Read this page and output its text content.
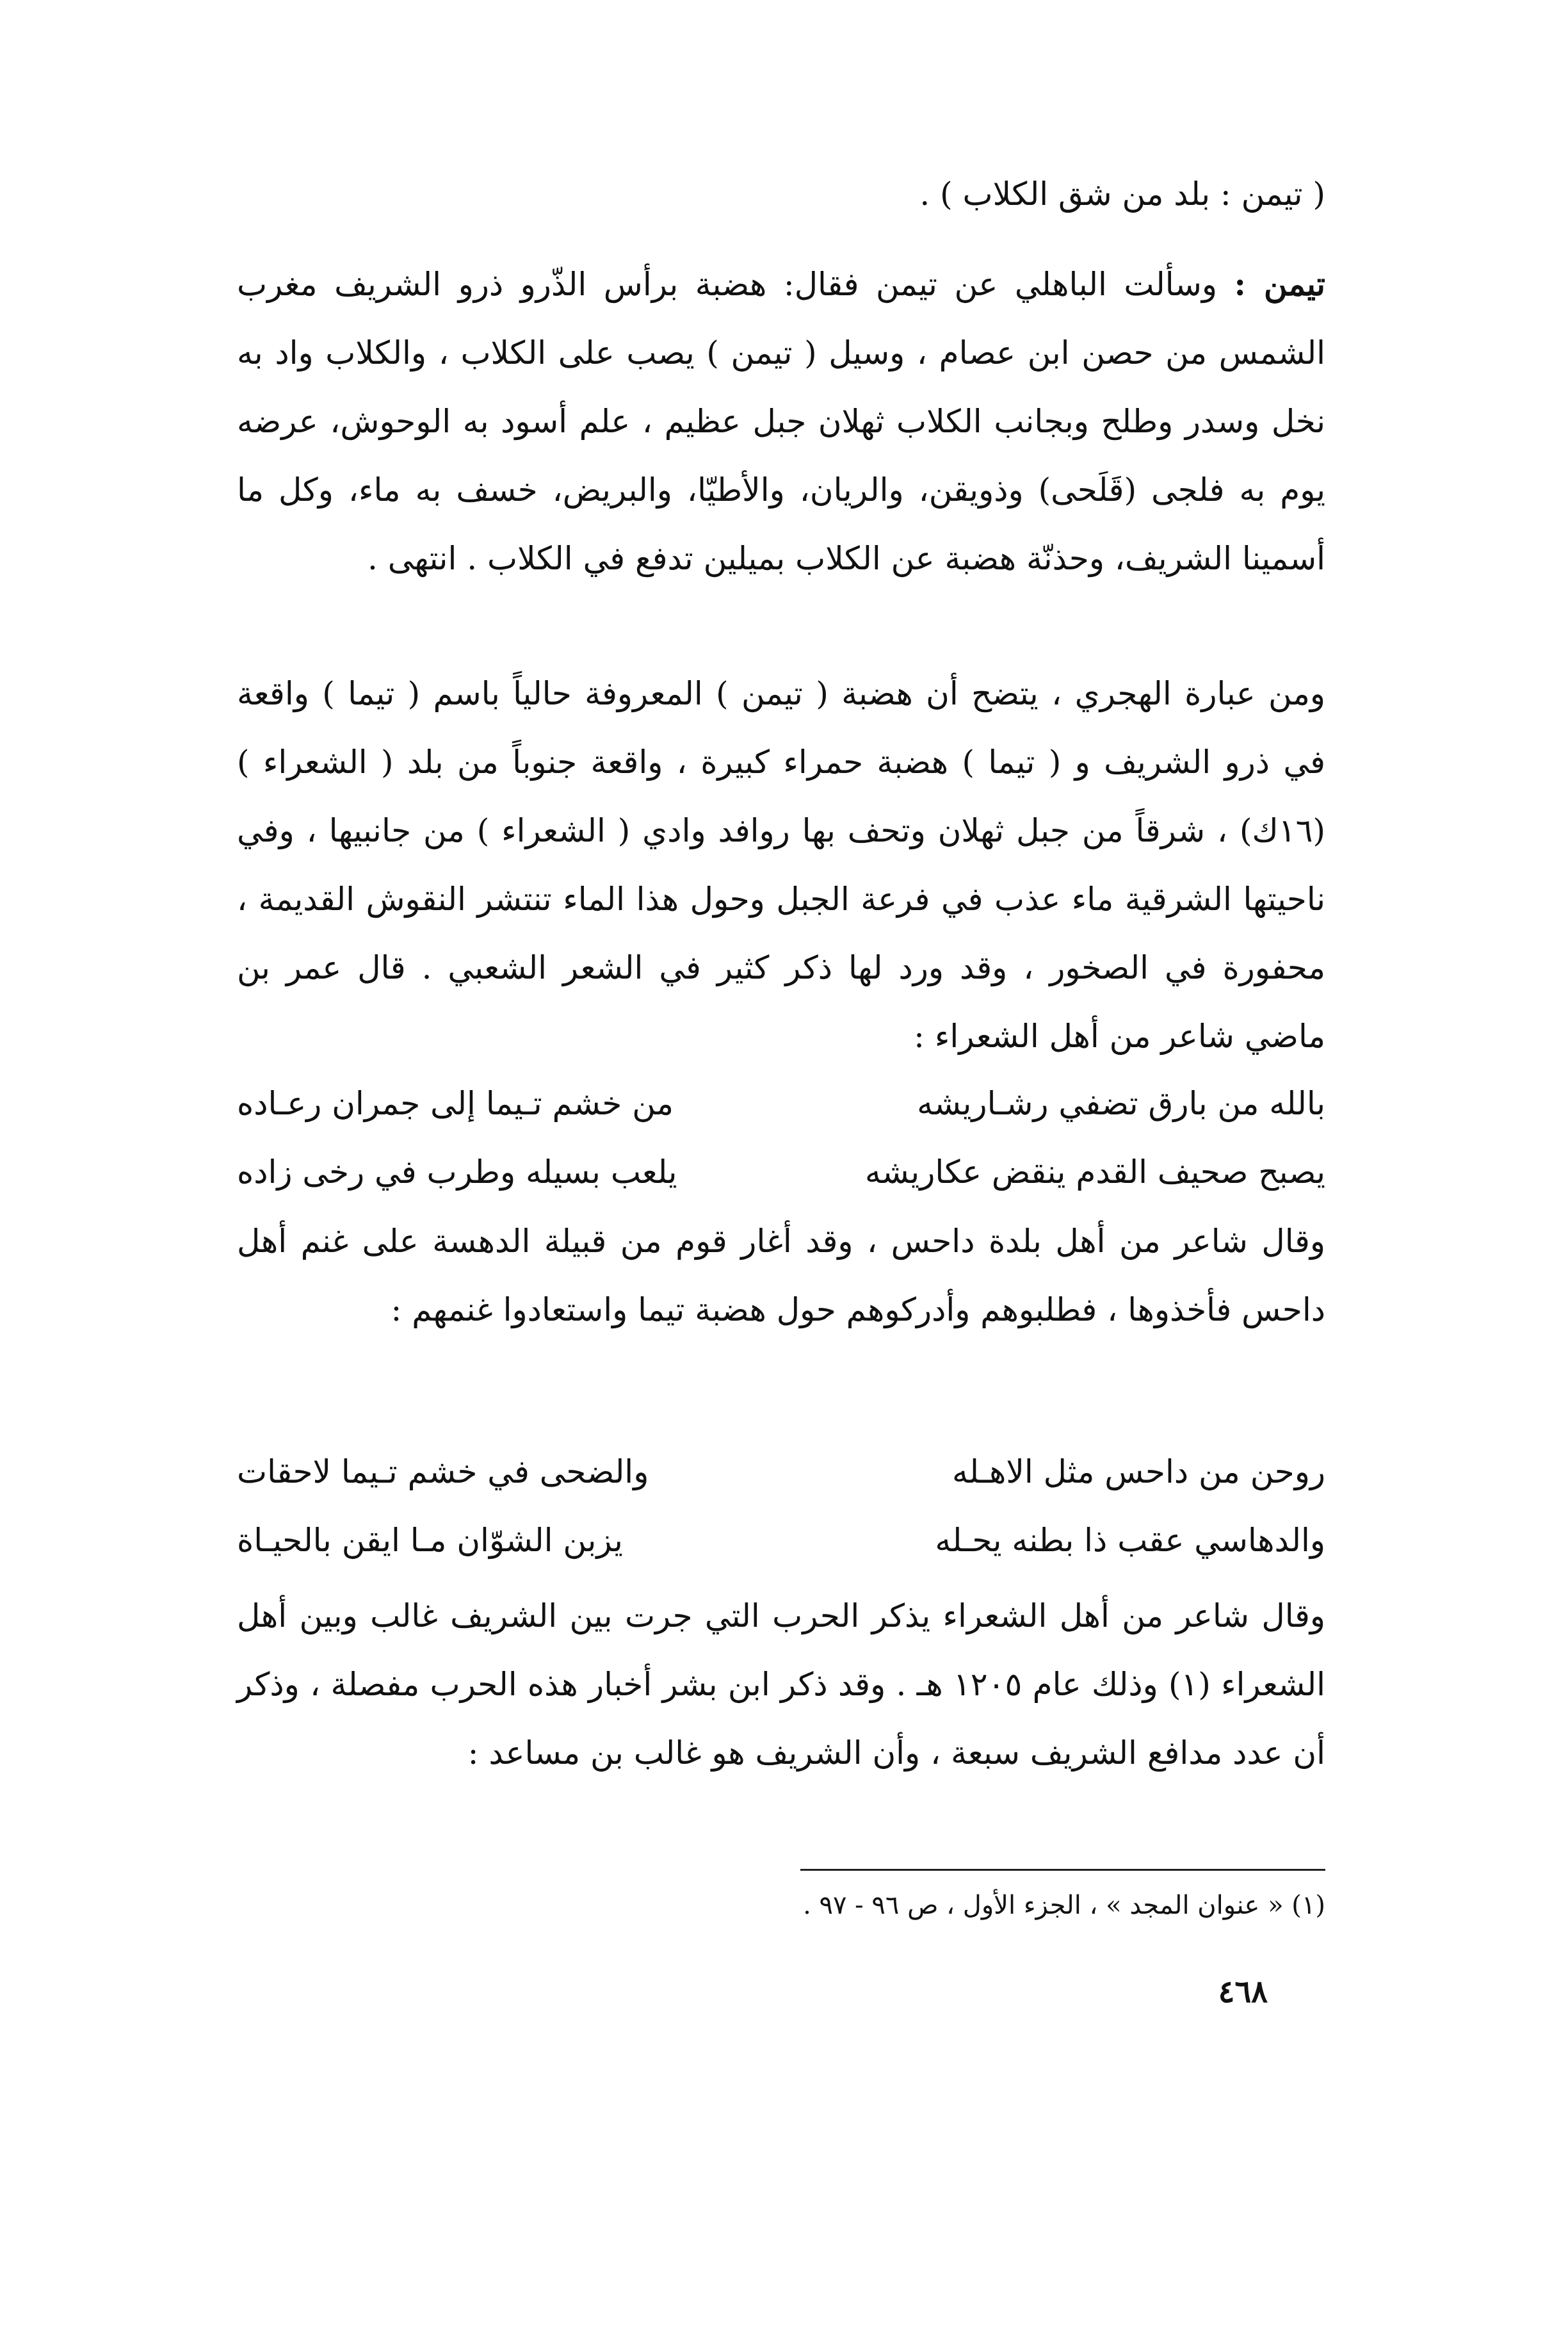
( تيمن : بلد من شق الكلاب ) .
تيمن : وسألت الباهلي عن تيمن فقال: هضبة برأس الذّرو ذرو الشريف مغرب الشمس من حصن ابن عصام ، وسيل ( تيمن ) يصب على الكلاب ، والكلاب واد به نخل وسدر وطلح وبجانب الكلاب ثهلان جبل عظيم ، علم أسود به الوحوش، عرضه يوم به فلجى (قَلَحى) وذويقن، والريان، والأطيّا، والبريض، خسف به ماء، وكل ما أسمينا الشريف، وحذنّة هضبة عن الكلاب بميلين تدفع في الكلاب . انتهى .
ومن عبارة الهجري ، يتضح أن هضبة ( تيمن ) المعروفة حالياً باسم ( تيما ) واقعة في ذرو الشريف و ( تيما ) هضبة حمراء كبيرة ، واقعة جنوباً من بلد ( الشعراء ) (١٦ك) ، شرقاً من جبل ثهلان وتحف بها روافد وادي ( الشعراء ) من جانبيها ، وفي ناحيتها الشرقية ماء عذب في فرعة الجبل وحول هذا الماء تنتشر النقوش القديمة ، محفورة في الصخور ، وقد ورد لها ذكر كثير في الشعر الشعبي . قال عمر بن ماضي شاعر من أهل الشعراء :
بالله من بارق تضفي رشـاريشه
من خشم تـيما إلى جمران رعـاده
يصبح صحيف القدم ينقض عكاريشه
يلعب بسيله وطرب في رخى زاده
وقال شاعر من أهل بلدة داحس ، وقد أغار قوم من قبيلة الدهسة على غنم أهل داحس فأخذوها ، فطلبوهم وأدركوهم حول هضبة تيما واستعادوا غنمهم :
روحن من داحس مثل الاهـله
والضحى في خشم تـيما لاحقات
والدهاسي عقب ذا بطنه يحـله
يزبن الشوّان مـا ايقن بالحيـاة
وقال شاعر من أهل الشعراء يذكر الحرب التي جرت بين الشريف غالب وبين أهل الشعراء (١) وذلك عام ١٢٠٥ هـ . وقد ذكر ابن بشر أخبار هذه الحرب مفصلة ، وذكر أن عدد مدافع الشريف سبعة ، وأن الشريف هو غالب بن مساعد :
(١) « عنوان المجد » ، الجزء الأول ، ص ٩٦ - ٩٧ .
٤٦٨
